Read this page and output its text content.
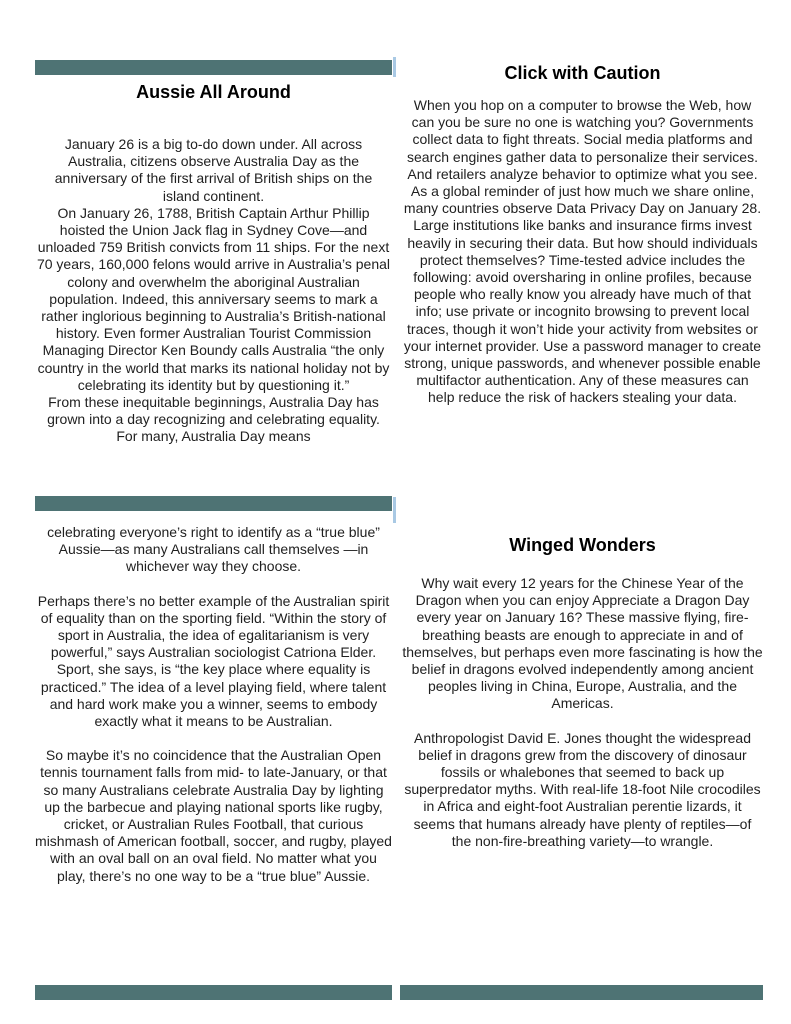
Aussie All Around

January 26 is a big to-do down under. All across Australia, citizens observe Australia Day as the anniversary of the first arrival of British ships on the island continent.

On January 26, 1788, British Captain Arthur Phillip hoisted the Union Jack flag in Sydney Cove—and unloaded 759 British convicts from 11 ships. For the next 70 years, 160,000 felons would arrive in Australia’s penal colony and overwhelm the aboriginal Australian population. Indeed, this anniversary seems to mark a rather inglorious beginning to Australia’s British-national history. Even former Australian Tourist Commission Managing Director Ken Boundy calls Australia “the only country in the world that marks its national holiday not by celebrating its identity but by questioning it.”

From these inequitable beginnings, Australia Day has grown into a day recognizing and celebrating equality. For many, Australia Day means

celebrating everyone’s right to identify as a “true blue” Aussie—as many Australians call themselves —in whichever way they choose.

Perhaps there’s no better example of the Australian spirit of equality than on the sporting field. “Within the story of sport in Australia, the idea of egalitarianism is very powerful,” says Australian sociologist Catriona Elder. Sport, she says, is “the key place where equality is practiced.” The idea of a level playing field, where talent and hard work make you a winner, seems to embody exactly what it means to be Australian.

So maybe it’s no coincidence that the Australian Open tennis tournament falls from mid- to late-January, or that so many Australians celebrate Australia Day by lighting up the barbecue and playing national sports like rugby, cricket, or Australian Rules Football, that curious mishmash of American football, soccer, and rugby, played with an oval ball on an oval field. No matter what you play, there’s no one way to be a “true blue” Aussie.

Click with Caution

When you hop on a computer to browse the Web, how can you be sure no one is watching you? Governments collect data to fight threats. Social media platforms and search engines gather data to personalize their services. And retailers analyze behavior to optimize what you see. As a global reminder of just how much we share online, many countries observe Data Privacy Day on January 28.

Large institutions like banks and insurance firms invest heavily in securing their data. But how should individuals protect themselves? Time-tested advice includes the following: avoid oversharing in online profiles, because people who really know you already have much of that info; use private or incognito browsing to prevent local traces, though it won’t hide your activity from websites or your internet provider. Use a password manager to create strong, unique passwords, and whenever possible enable multifactor authentication. Any of these measures can help reduce the risk of hackers stealing your data.

Winged Wonders

Why wait every 12 years for the Chinese Year of the Dragon when you can enjoy Appreciate a Dragon Day every year on January 16? These massive flying, fire-breathing beasts are enough to appreciate in and of themselves, but perhaps even more fascinating is how the belief in dragons evolved independently among ancient peoples living in China, Europe, Australia, and the Americas.

Anthropologist David E. Jones thought the widespread belief in dragons grew from the discovery of dinosaur fossils or whalebones that seemed to back up superpredator myths. With real-life 18-foot Nile crocodiles in Africa and eight-foot Australian perentie lizards, it seems that humans already have plenty of reptiles—of the non-fire-breathing variety—to wrangle.
